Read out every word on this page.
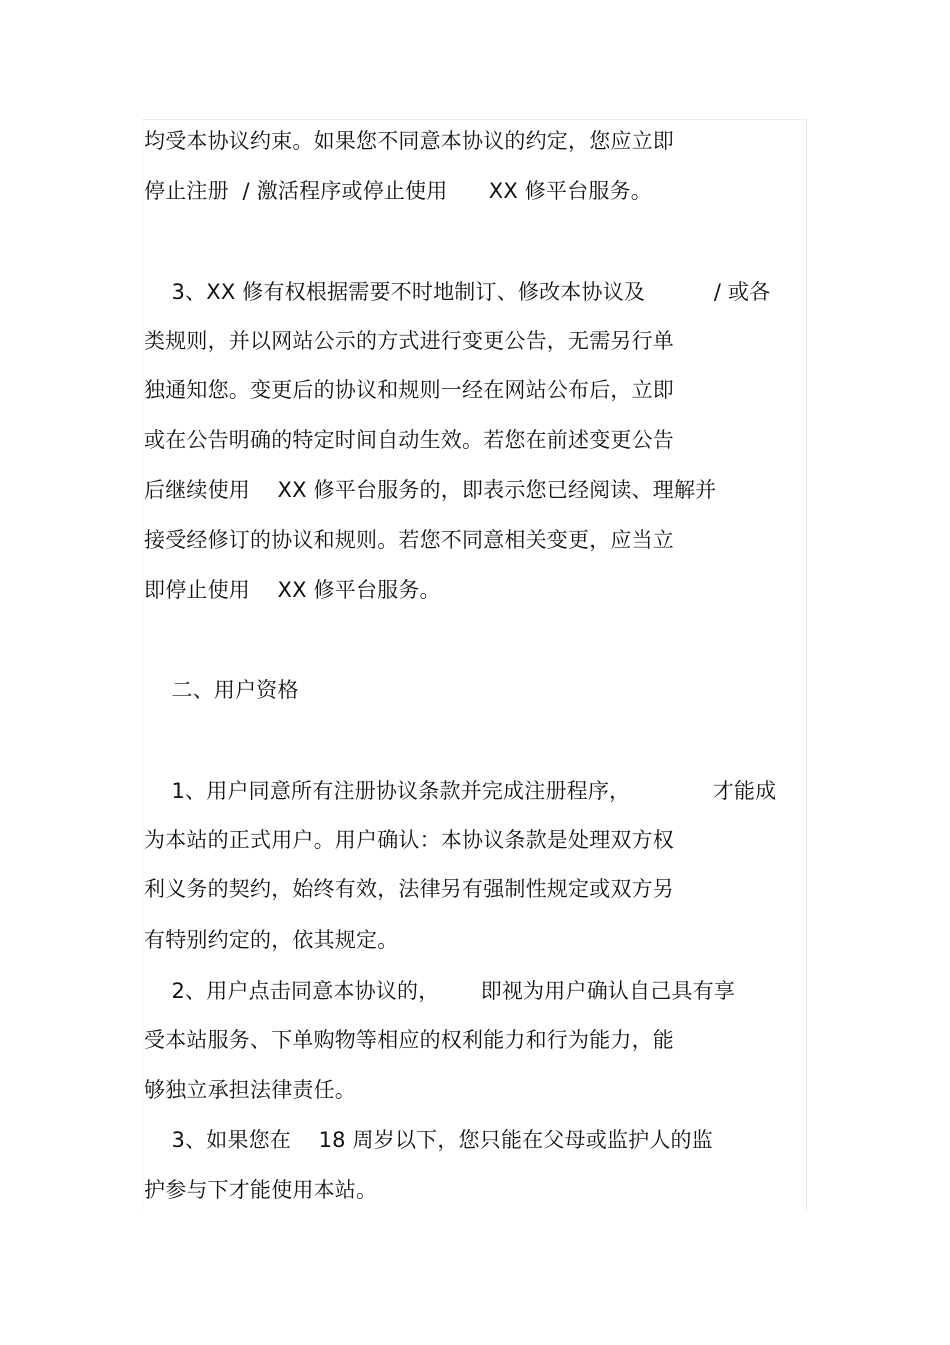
均受本协议约束。如果您不同意本协议的约定，您应立即
停止注册  / 激活程序或停止使用      XX 修平台服务。
3、XX 修有权根据需要不时地制订、修改本协议及          / 或各
类规则，并以网站公示的方式进行变更公告，无需另行单
独通知您。变更后的协议和规则一经在网站公布后，立即
或在公告明确的特定时间自动生效。若您在前述变更公告
后继续使用    XX 修平台服务的，即表示您已经阅读、理解并
接受经修订的协议和规则。若您不同意相关变更，应当立
即停止使用    XX 修平台服务。
二、用户资格
1、用户同意所有注册协议条款并完成注册程序，            才能成
为本站的正式用户。用户确认：本协议条款是处理双方权
利义务的契约，始终有效，法律另有强制性规定或双方另
有特别约定的，依其规定。
2、用户点击同意本协议的，      即视为用户确认自己具有享
受本站服务、下单购物等相应的权利能力和行为能力，能
够独立承担法律责任。
3、如果您在    18 周岁以下，您只能在父母或监护人的监
护参与下才能使用本站。
